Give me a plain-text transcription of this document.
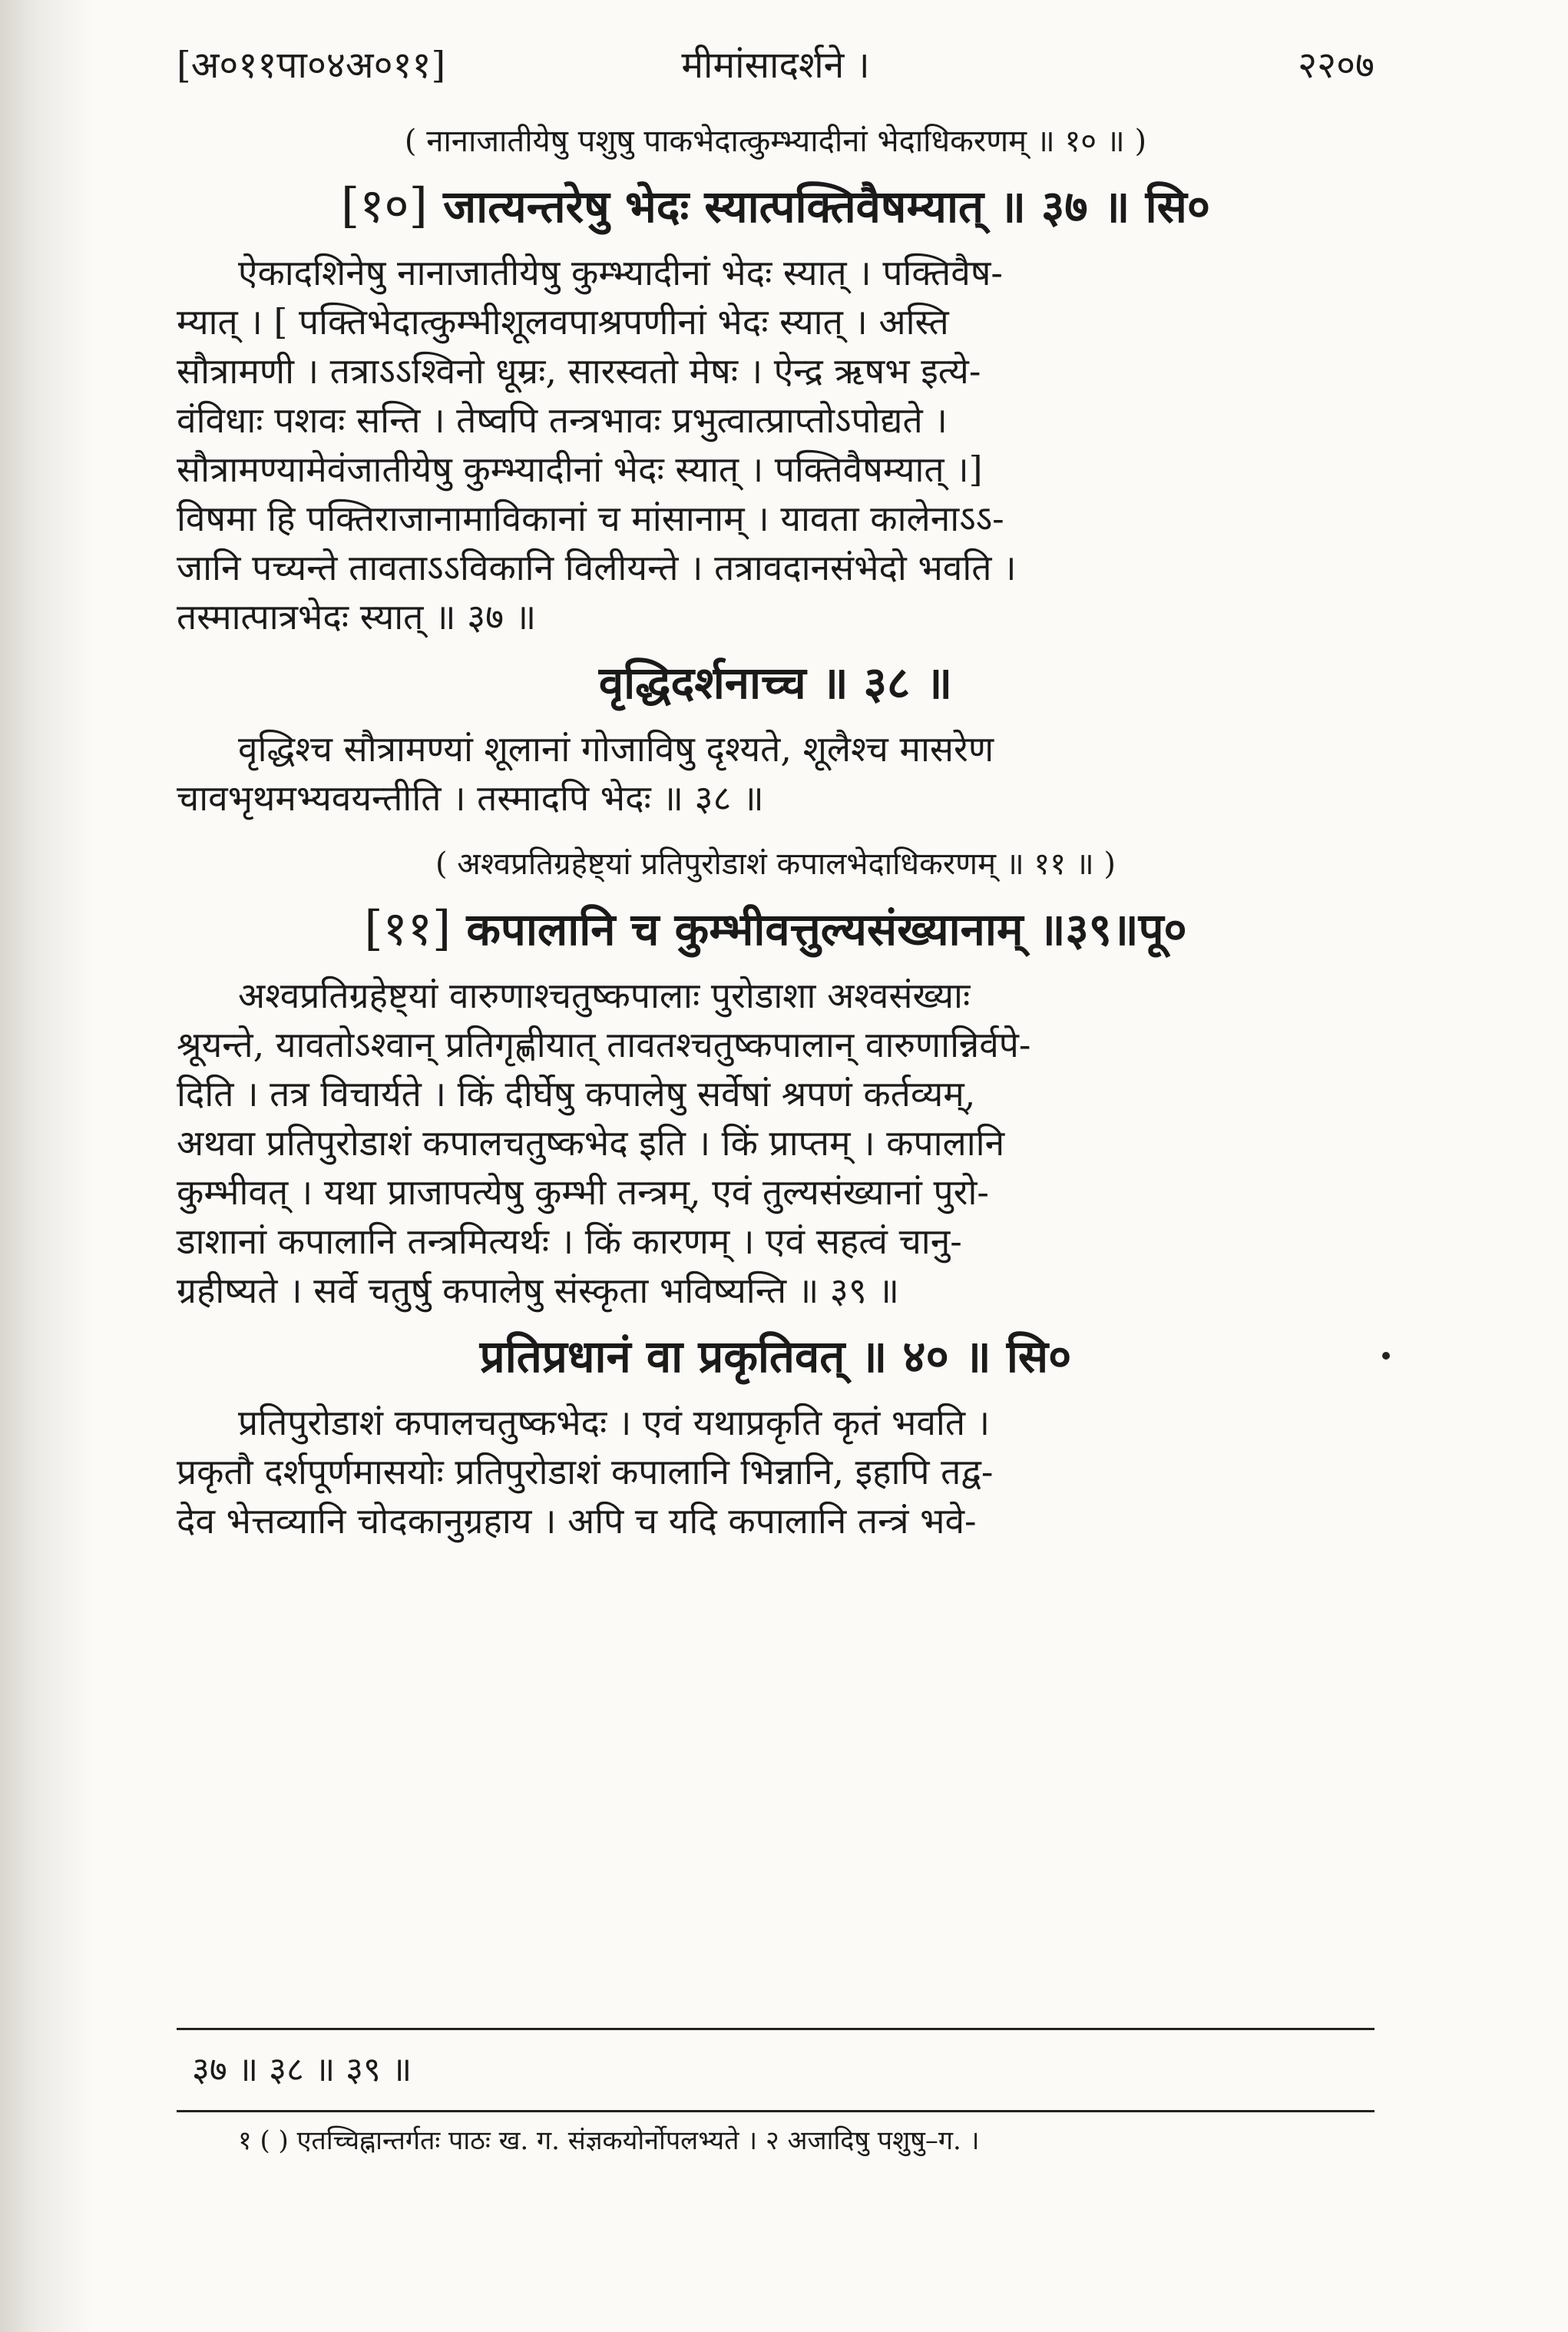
[अ०११पा०४अ०११]	मीमांसादर्शने ।	२२०७

( नानाजातीयेषु पशुषु पाकभेदात्कुम्भ्यादीनां भेदाधिकरणम् ॥ १० ॥ )

[१०] जात्यन्तरेषु भेदः स्यात्पक्तिवैषम्यात् ॥ ३७ ॥ सि०

ऐकादशिनेषु नानाजातीयेषु कुम्भ्यादीनां भेदः स्यात् । पक्तिवैष-
म्यात् । [ पक्तिभेदात्कुम्भीशूलवपाश्रपणीनां भेदः स्यात् । अस्ति
सौत्रामणी । तत्राऽऽश्विनो धूम्रः, सारस्वतो मेषः । ऐन्द्र ऋषभ इत्ये-
वंविधाः पशवः सन्ति । तेष्वपि तन्त्रभावः प्रभुत्वात्प्राप्तोऽपोद्यते ।
सौत्रामण्यामेवंजातीयेषु कुम्भ्यादीनां भेदः स्यात् । पक्तिवैषम्यात् ।]
विषमा हि पक्तिराजानामाविकानां च मांसानाम् । यावता कालेनाऽऽ-
जानि पच्यन्ते तावताऽऽविकानि विलीयन्ते । तत्रावदानसंभेदो भवति ।
तस्मात्पात्रभेदः स्यात् ॥ ३७ ॥

वृद्धिदर्शनाच्च ॥ ३८ ॥

वृद्धिश्च सौत्रामण्यां शूलानां गोजाविषु दृश्यते, शूलैश्च मासरेण
चावभृथमभ्यवयन्तीति । तस्मादपि भेदः ॥ ३८ ॥

( अश्वप्रतिग्रहेष्ट्यां प्रतिपुरोडाशं कपालभेदाधिकरणम् ॥ ११ ॥ )

[११] कपालानि च कुम्भीवत्तुल्यसंख्यानाम् ॥३९॥पू०

अश्वप्रतिग्रहेष्ट्यां वारुणाश्चतुष्कपालाः पुरोडाशा अश्वसंख्याः
श्रूयन्ते, यावतोऽश्वान् प्रतिगृह्णीयात् तावतश्चतुष्कपालान् वारुणान्निर्वपे-
दिति । तत्र विचार्यते । किं दीर्घेषु कपालेषु सर्वेषां श्रपणं कर्तव्यम्,
अथवा प्रतिपुरोडाशं कपालचतुष्कभेद इति । किं प्राप्तम् । कपालानि
कुम्भीवत् । यथा प्राजापत्येषु कुम्भी तन्त्रम्, एवं तुल्यसंख्यानां पुरो-
डाशानां कपालानि तन्त्रमित्यर्थः । किं कारणम् । एवं सहत्वं चानु-
ग्रहीष्यते । सर्वे चतुर्षु कपालेषु संस्कृता भविष्यन्ति ॥ ३९ ॥

प्रतिप्रधानं वा प्रकृतिवत् ॥ ४० ॥ सि०

प्रतिपुरोडाशं कपालचतुष्कभेदः । एवं यथाप्रकृति कृतं भवति ।
प्रकृतौ दर्शपूर्णमासयोः प्रतिपुरोडाशं कपालानि भिन्नानि, इहापि तद्व-
देव भेत्तव्यानि चोदकानुग्रहाय । अपि च यदि कपालानि तन्त्रं भवे-
३७ ॥ ३८ ॥ ३९ ॥
१ ( ) एतच्चिह्नान्तर्गतः पाठः ख. ग. संज्ञकयोर्नोपलभ्यते । २ अजादिषु पशुषु–ग. ।
